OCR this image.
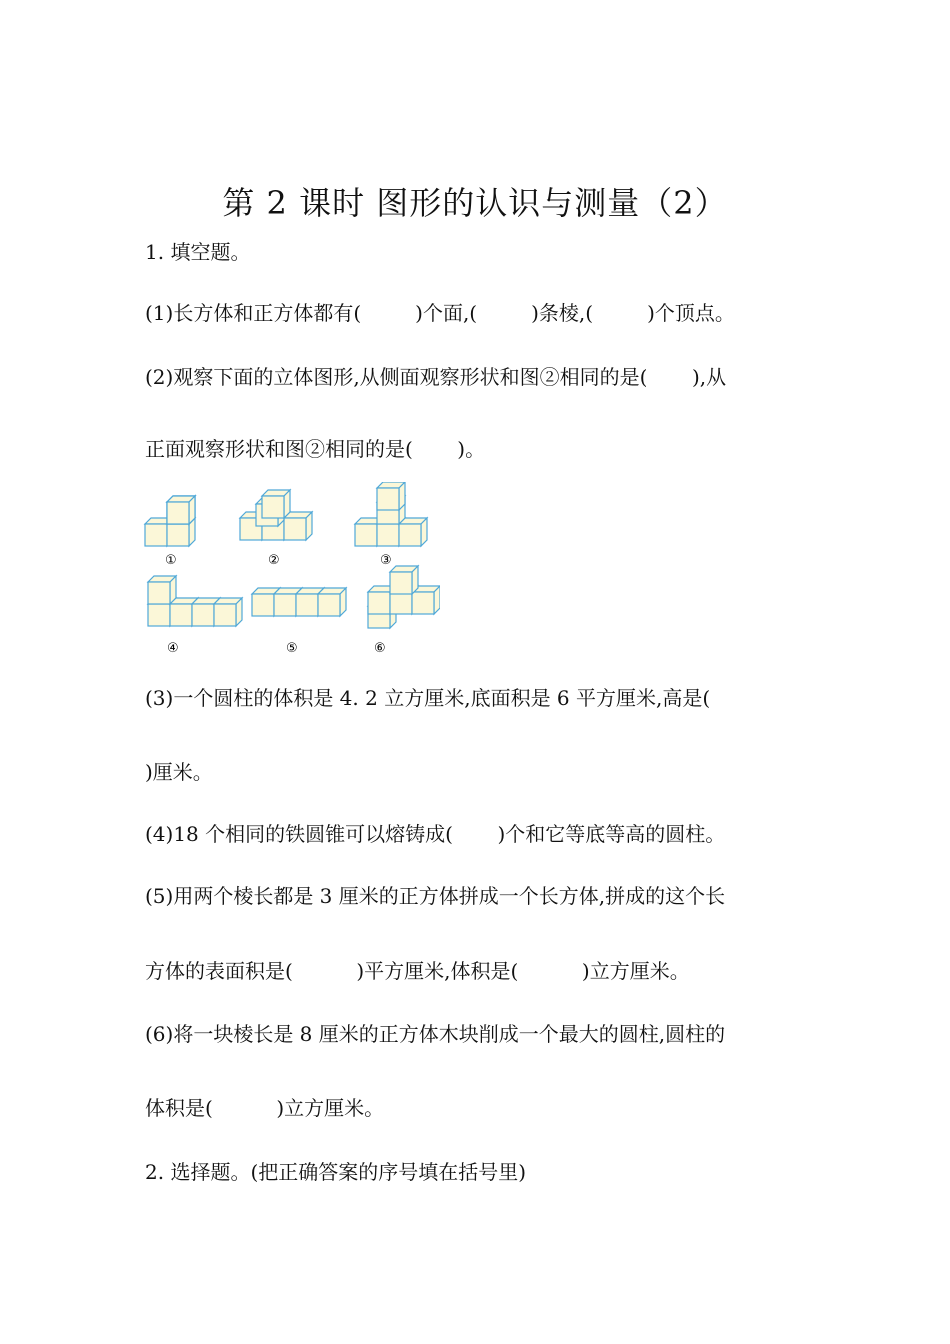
第 2 课时 图形的认识与测量（2）
1. 填空题。
(1)长方体和正方体都有(	)个面,(	)条棱,(	)个顶点。
(2)观察下面的立体图形,从侧面观察形状和图②相同的是(       ),从
正面观察形状和图②相同的是(       )。
①	②	③
④	⑤	⑥
(3)一个圆柱的体积是 4. 2 立方厘米,底面积是 6 平方厘米,高是(
)厘米。
(4)18 个相同的铁圆锥可以熔铸成(       )个和它等底等高的圆柱。
(5)用两个棱长都是 3 厘米的正方体拼成一个长方体,拼成的这个长
方体的表面积是(          )平方厘米,体积是(          )立方厘米。
(6)将一块棱长是 8 厘米的正方体木块削成一个最大的圆柱,圆柱的
体积是(          )立方厘米。
2. 选择题。(把正确答案的序号填在括号里)
